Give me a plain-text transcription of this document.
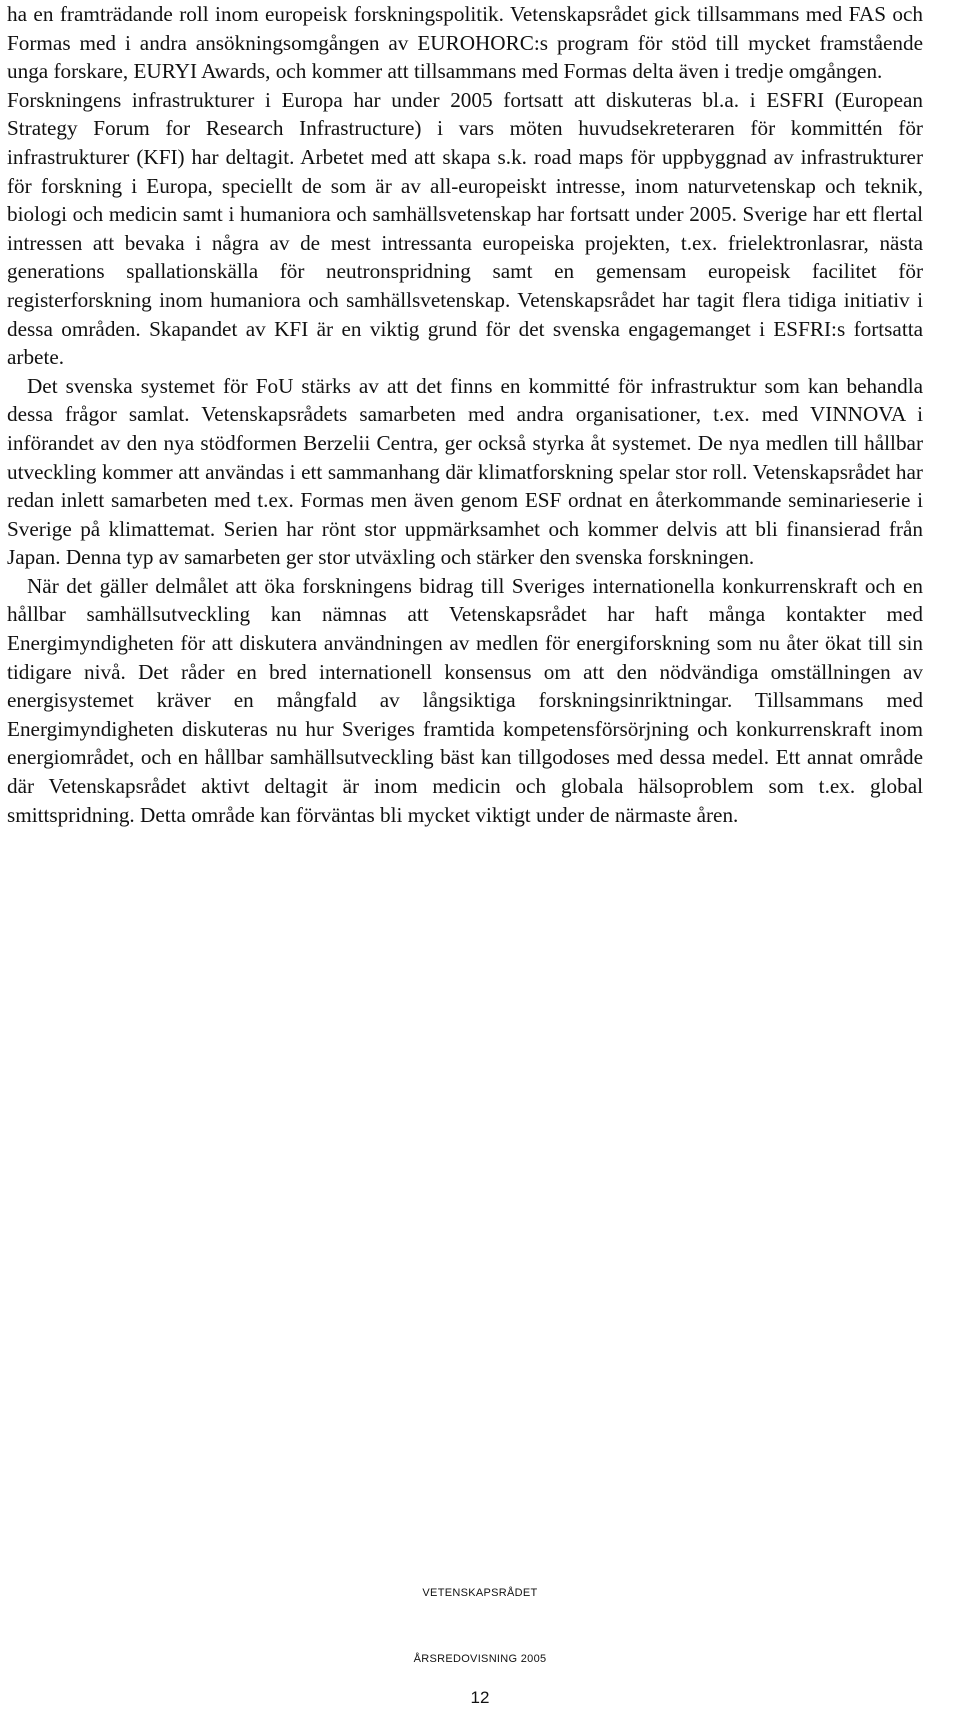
ha en framträdande roll inom europeisk forskningspolitik. Vetenskapsrådet gick tillsammans med FAS och Formas med i andra ansökningsomgången av EUROHORC:s program för stöd till mycket framstående unga forskare, EURYI Awards, och kommer att tillsammans med Formas delta även i tredje omgången.

Forskningens infrastrukturer i Europa har under 2005 fortsatt att diskuteras bl.a. i ESFRI (European Strategy Forum for Research Infrastructure) i vars möten huvudsekreteraren för kommittén för infrastrukturer (KFI) har deltagit. Arbetet med att skapa s.k. road maps för uppbyggnad av infrastrukturer för forskning i Europa, speciellt de som är av all-europeiskt intresse, inom naturvetenskap och teknik, biologi och medicin samt i humaniora och samhällsvetenskap har fortsatt under 2005. Sverige har ett flertal intressen att bevaka i några av de mest intressanta europeiska projekten, t.ex. frielektronlasrar, nästa generations spallationskälla för neutronspridning samt en gemensam europeisk facilitet för registerforskning inom humaniora och samhällsvetenskap. Vetenskapsrådet har tagit flera tidiga initiativ i dessa områden. Skapandet av KFI är en viktig grund för det svenska engagemanget i ESFRI:s fortsatta arbete.

Det svenska systemet för FoU stärks av att det finns en kommitté för infrastruktur som kan behandla dessa frågor samlat. Vetenskapsrådets samarbeten med andra organisationer, t.ex. med VINNOVA i införandet av den nya stödformen Berzelii Centra, ger också styrka åt systemet. De nya medlen till hållbar utveckling kommer att användas i ett sammanhang där klimatforskning spelar stor roll. Vetenskapsrådet har redan inlett samarbeten med t.ex. Formas men även genom ESF ordnat en återkommande seminarieserie i Sverige på klimattemat. Serien har rönt stor uppmärksamhet och kommer delvis att bli finansierad från Japan. Denna typ av samarbeten ger stor utväxling och stärker den svenska forskningen.

När det gäller delmålet att öka forskningens bidrag till Sveriges internationella konkurrenskraft och en hållbar samhällsutveckling kan nämnas att Vetenskapsrådet har haft många kontakter med Energimyndigheten för att diskutera användningen av medlen för energiforskning som nu åter ökat till sin tidigare nivå. Det råder en bred internationell konsensus om att den nödvändiga omställningen av energisystemet kräver en mångfald av långsiktiga forskningsinriktningar. Tillsammans med Energimyndigheten diskuteras nu hur Sveriges framtida kompetensförsörjning och konkurrenskraft inom energiområdet, och en hållbar samhällsutveckling bäst kan tillgodoses med dessa medel. Ett annat område där Vetenskapsrådet aktivt deltagit är inom medicin och globala hälsoproblem som t.ex. global smittspridning. Detta område kan förväntas bli mycket viktigt under de närmaste åren.

VETENSKAPSRÅDET
ÅRSREDOVISNING 2005
12
